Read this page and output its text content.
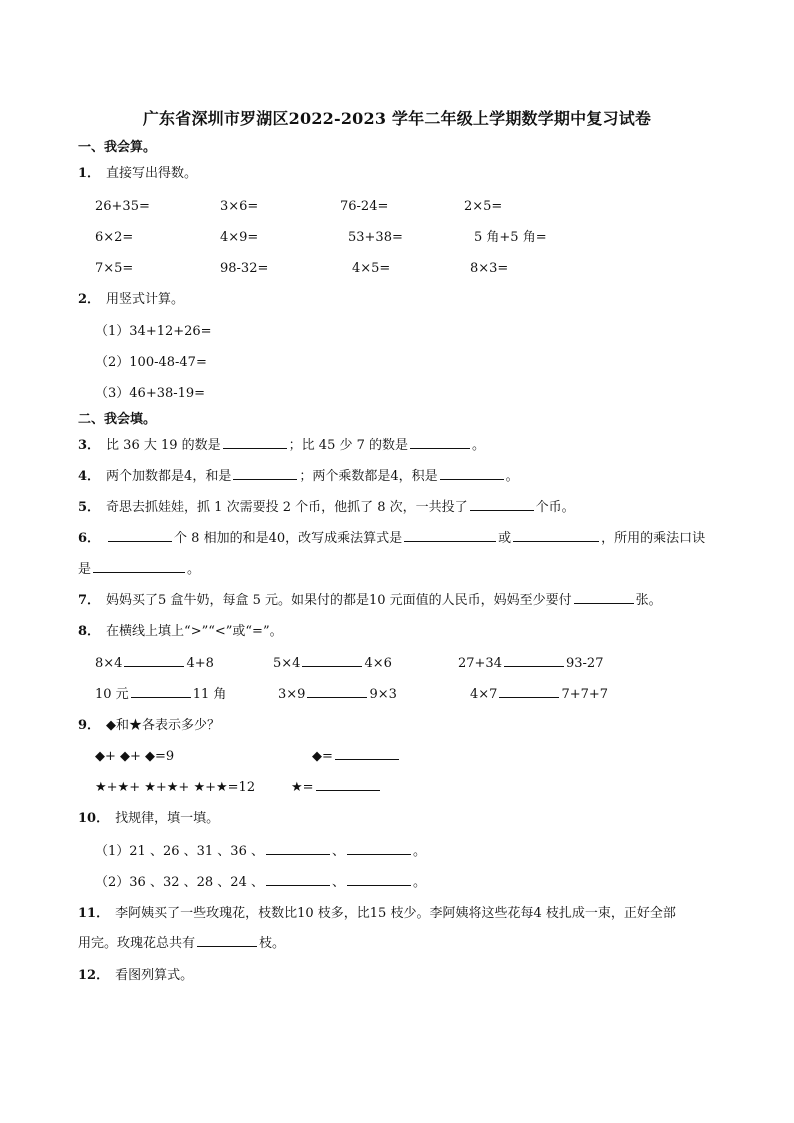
广东省深圳市罗湖区2022-2023 学年二年级上学期数学期中复习试卷
一、我会算。
1． 直接写出得数。
26+35=	3×6=	76-24=	2×5=
6×2=	4×9=	53+38=	5 角+5 角=
7×5=	98-32=	4×5=	8×3=
2． 用竖式计算。
（1）34+12+26=
（2）100-48-47=
（3）46+38-19=
二、我会填。
3． 比 36 大 19 的数是	；比 45 少 7 的数是	。
4． 两个加数都是4，和是	；两个乘数都是4，积是	。
5． 奇思去抓娃娃，抓 1 次需要投 2 个币，他抓了 8 次，一共投了	个币。
6．	个 8 相加的和是40，改写成乘法算式是	或	，所用的乘法口诀
是	。
7． 妈妈买了5 盒牛奶，每盒 5 元。如果付的都是10 元面值的人民币，妈妈至少要付	张。
8． 在横线上填上“>”“<”或“=”。
8×4	4+8	5×4	4×6	27+34	93-27
10 元	11 角	3×9	9×3	4×7	7+7+7
9． ◆和★各表示多少？
◆+ ◆+ ◆=9	◆=
★+★+ ★+★+ ★+★=12	★=
10． 找规律，填一填。
（1）21 、26 、31 、36 、	、	。
（2）36 、32 、28 、24 、	、	。
11． 李阿姨买了一些玫瑰花，枝数比10 枝多，比15 枝少。李阿姨将这些花每4 枝扎成一束，正好全部
用完。玫瑰花总共有	枝。
12． 看图列算式。
